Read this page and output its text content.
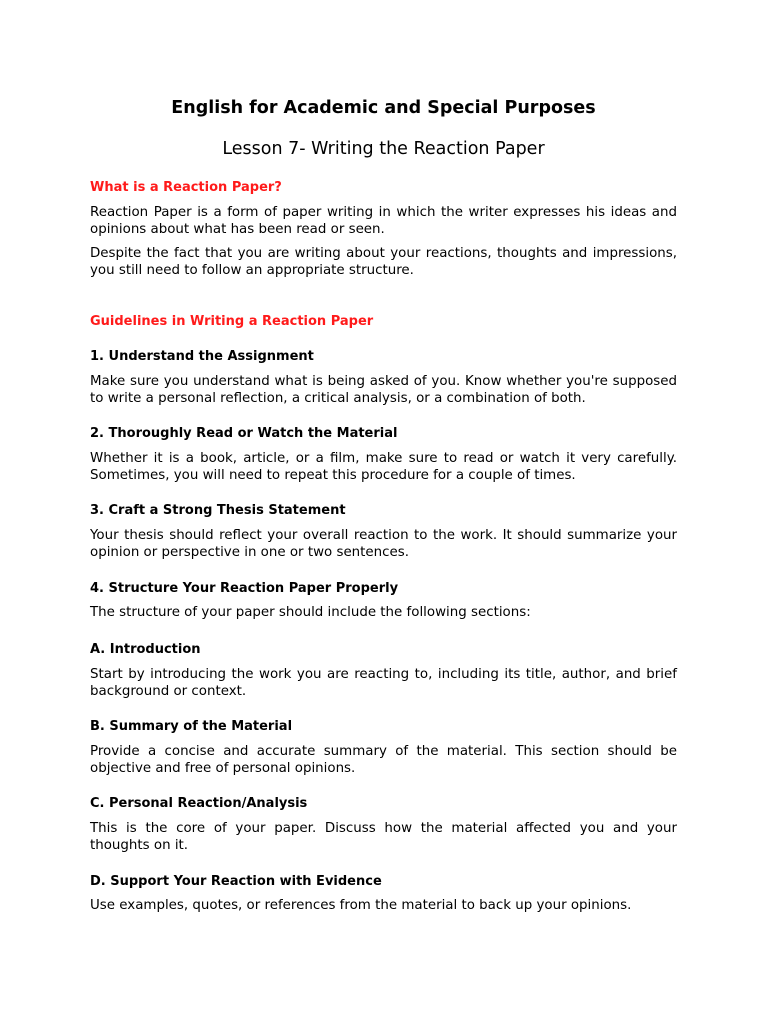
English for Academic and Special Purposes
Lesson 7- Writing the Reaction Paper
What is a Reaction Paper?

Reaction Paper is a form of paper writing in which the writer expresses his ideas and opinions about what has been read or seen.

Despite the fact that you are writing about your reactions, thoughts and impressions, you still need to follow an appropriate structure.

Guidelines in Writing a Reaction Paper
1. Understand the Assignment

Make sure you understand what is being asked of you. Know whether you're supposed to write a personal reflection, a critical analysis, or a combination of both.

2. Thoroughly Read or Watch the Material

Whether it is a book, article, or a film, make sure to read or watch it very carefully. Sometimes, you will need to repeat this procedure for a couple of times.

3. Craft a Strong Thesis Statement

Your thesis should reflect your overall reaction to the work. It should summarize your opinion or perspective in one or two sentences.

4. Structure Your Reaction Paper Properly

The structure of your paper should include the following sections:

A. Introduction

Start by introducing the work you are reacting to, including its title, author, and brief background or context.

B. Summary of the Material

Provide a concise and accurate summary of the material. This section should be objective and free of personal opinions.

C. Personal Reaction/Analysis

This is the core of your paper. Discuss how the material affected you and your thoughts on it.

D. Support Your Reaction with Evidence

Use examples, quotes, or references from the material to back up your opinions.
